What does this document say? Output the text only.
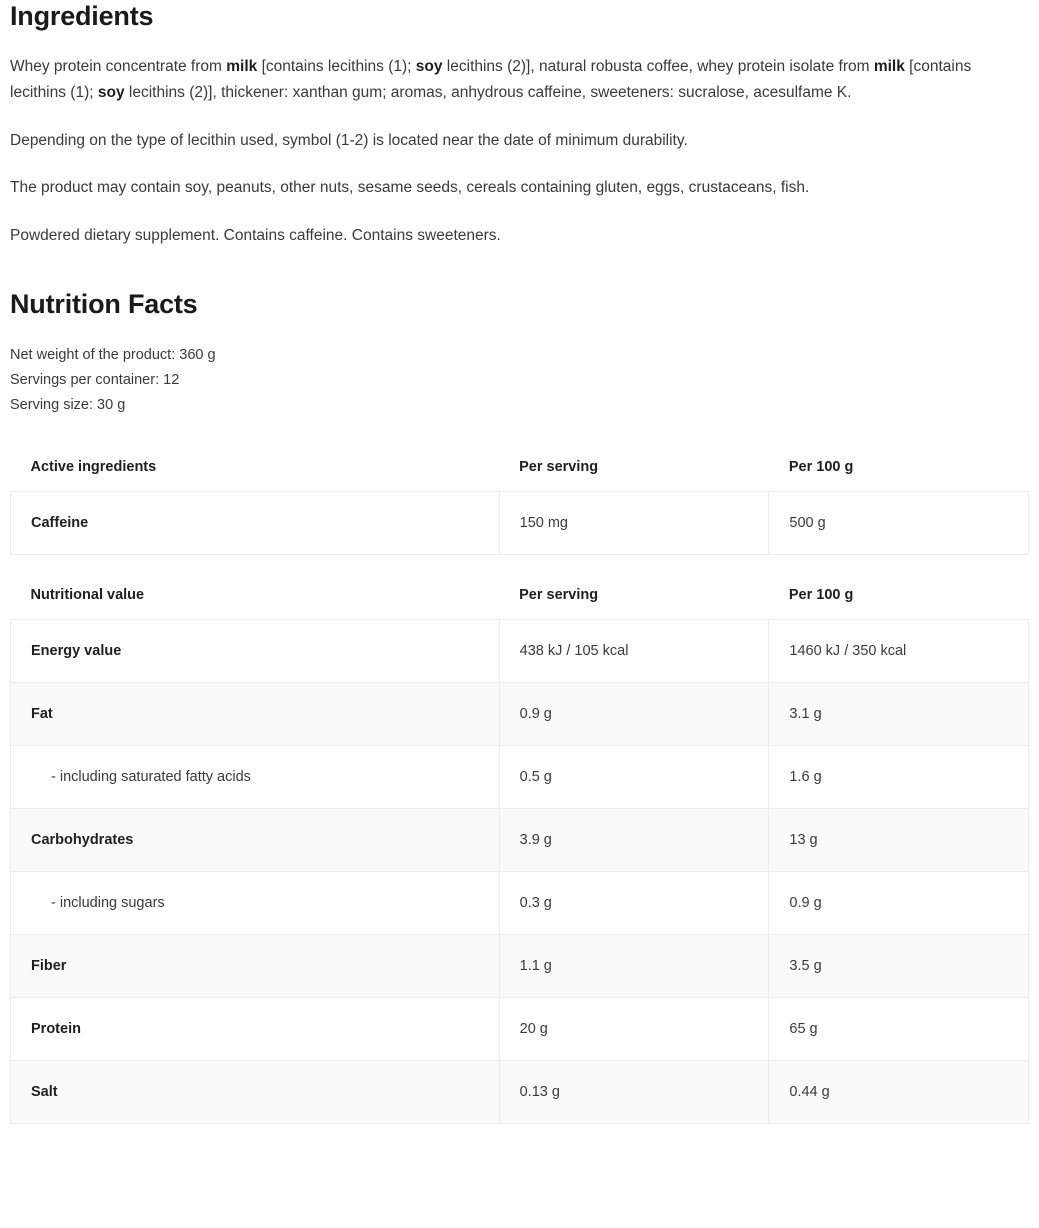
Ingredients

Whey protein concentrate from milk [contains lecithins (1); soy lecithins (2)], natural robusta coffee, whey protein isolate from milk [contains lecithins (1); soy lecithins (2)], thickener: xanthan gum; aromas, anhydrous caffeine, sweeteners: sucralose, acesulfame K.

Depending on the type of lecithin used, symbol (1-2) is located near the date of minimum durability.

The product may contain soy, peanuts, other nuts, sesame seeds, cereals containing gluten, eggs, crustaceans, fish.

Powdered dietary supplement. Contains caffeine. Contains sweeteners.

Nutrition Facts
Net weight of the product: 360 g
Servings per container: 12
Serving size: 30 g
Active ingredients	Per serving	Per 100 g
Caffeine	150 mg	500 g
Nutritional value	Per serving	Per 100 g
Energy value	438 kJ / 105 kcal	1460 kJ / 350 kcal
Fat	0.9 g	3.1 g
- including saturated fatty acids	0.5 g	1.6 g
Carbohydrates	3.9 g	13 g
- including sugars	0.3 g	0.9 g
Fiber	1.1 g	3.5 g
Protein	20 g	65 g
Salt	0.13 g	0.44 g
